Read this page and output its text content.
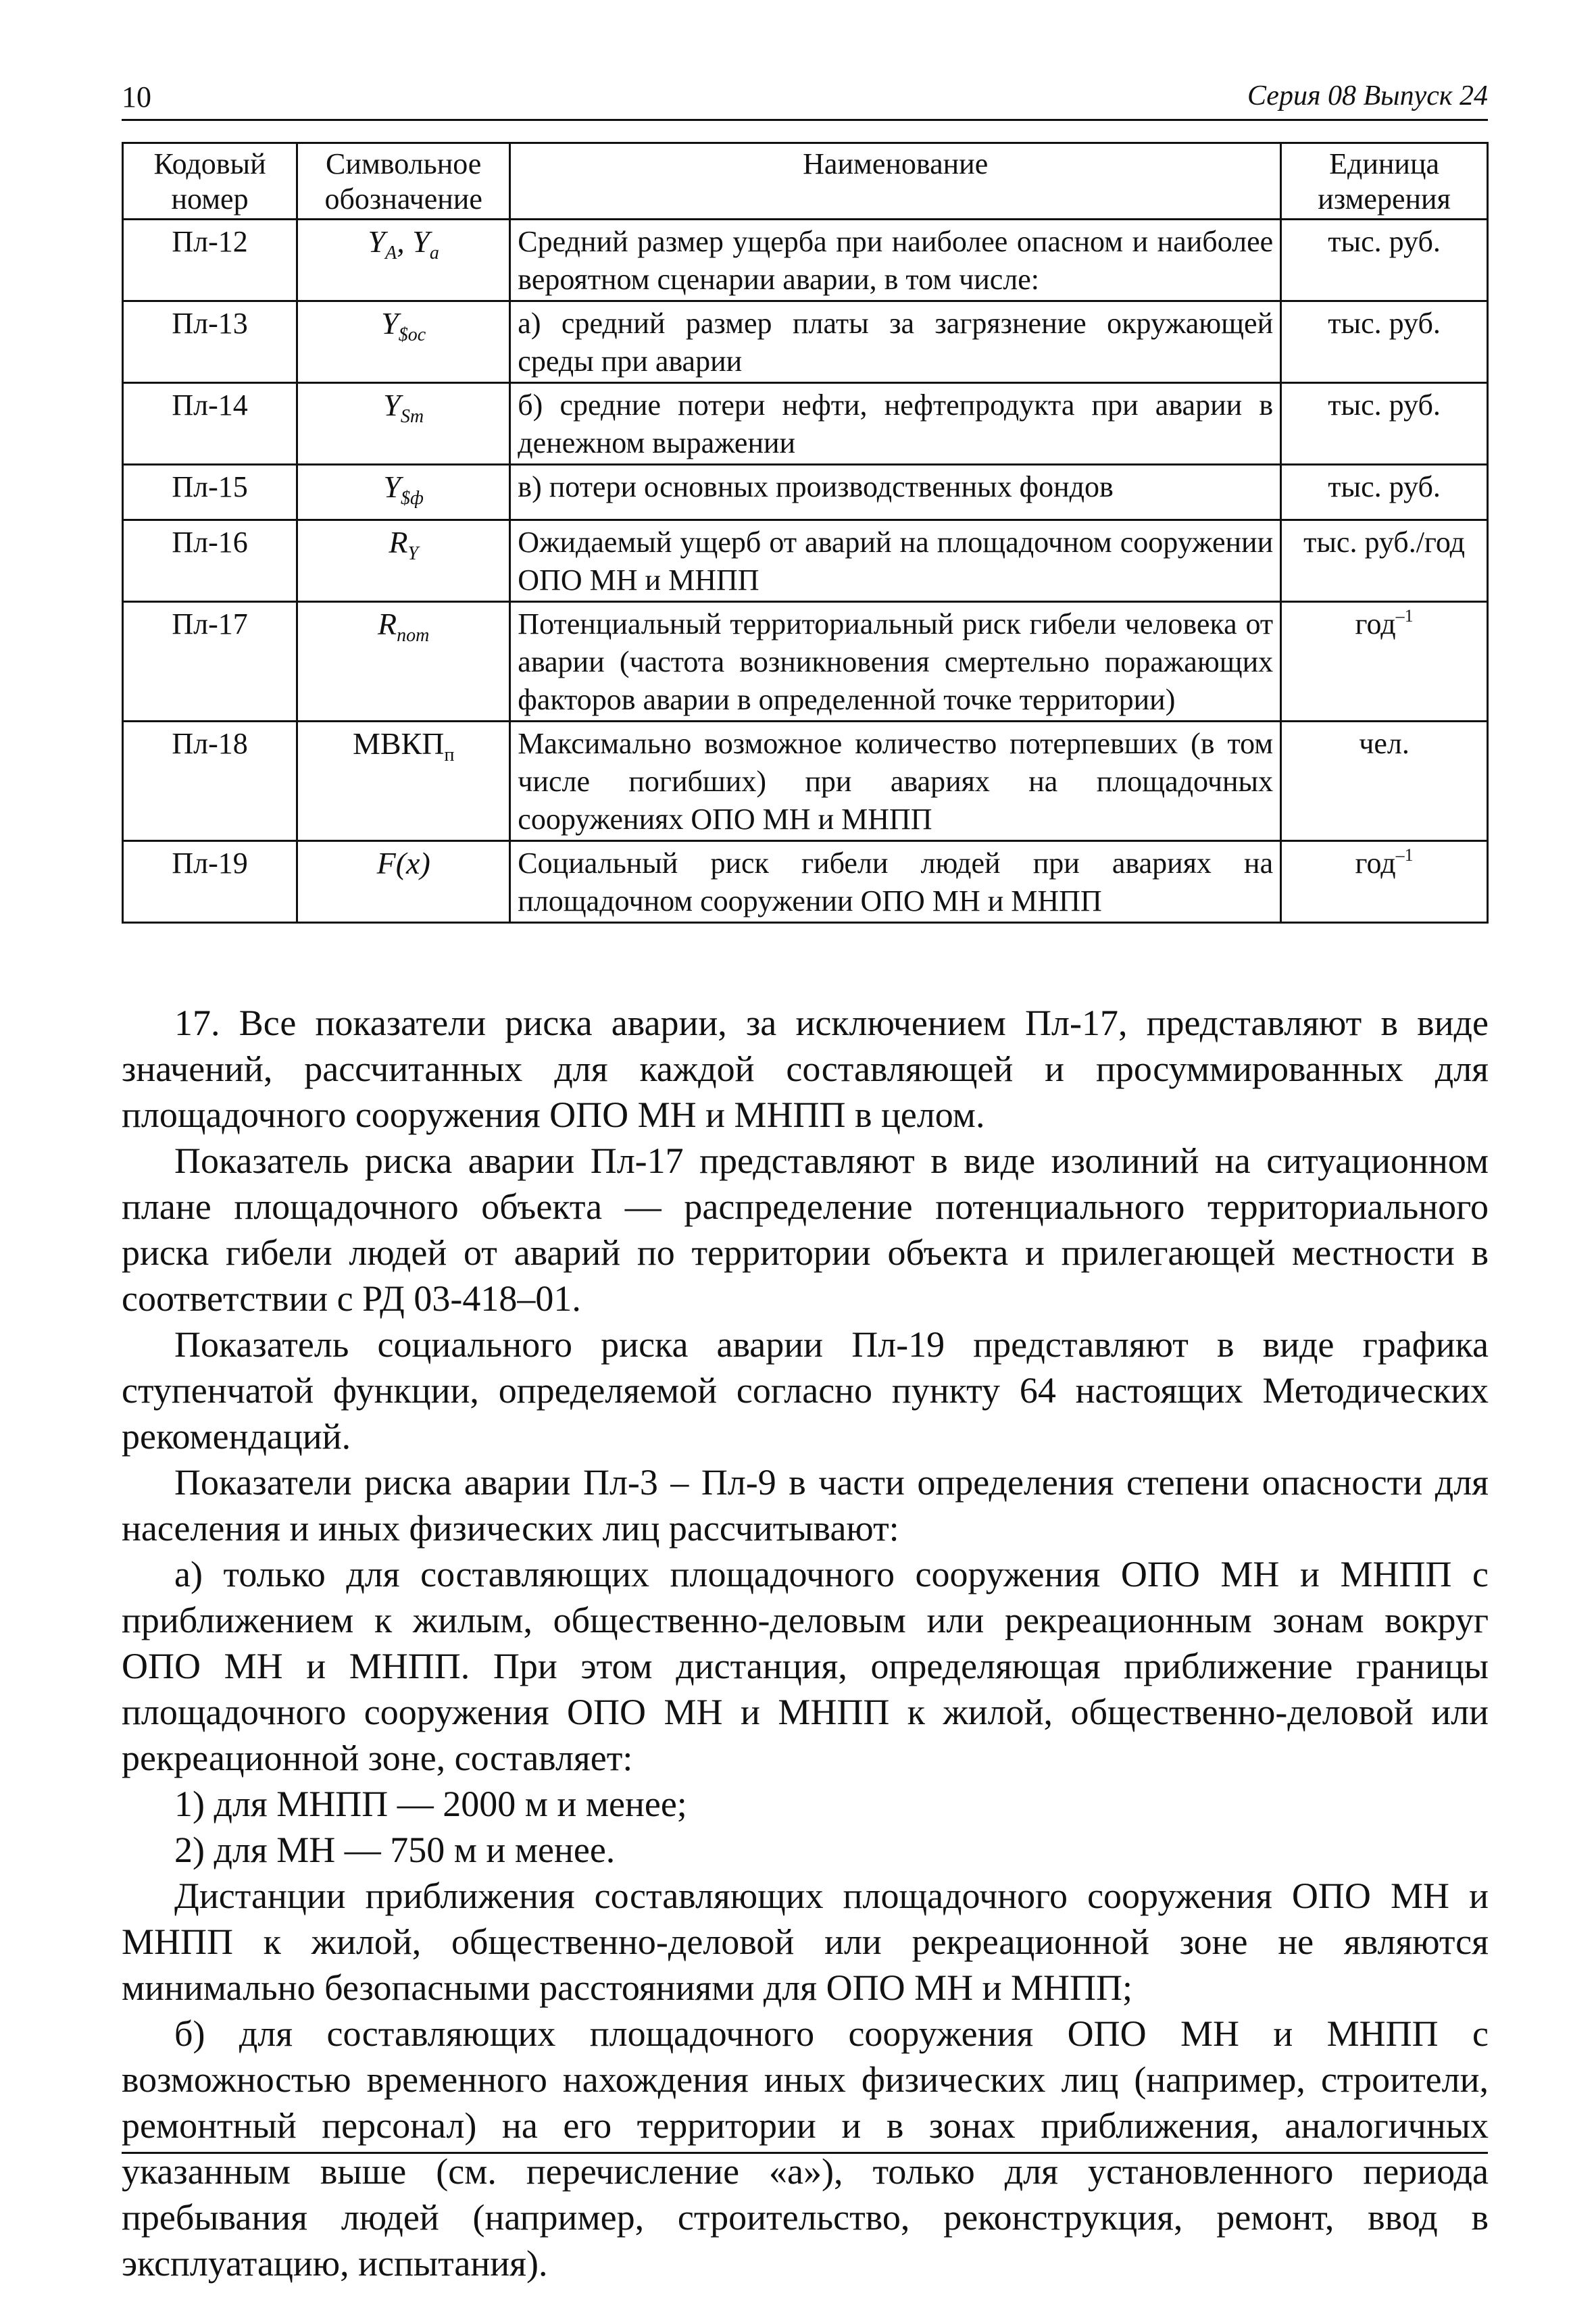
10	Серия 08 Выпуск 24
Кодовый номер	Символьное обозначение	Наименование	Единица измерения
Пл-12	$Y_A$, $Y_a$	Средний размер ущерба при наиболее опасном и наиболее вероятном сценарии аварии, в том числе:	тыс. руб.
Пл-13	$Y_{\$ос}$	а) средний размер платы за загрязнение окружающей среды при аварии	тыс. руб.
Пл-14	$Y_{Sm}$	б) средние потери нефти, нефтепродукта при аварии в денежном выражении	тыс. руб.
Пл-15	$Y_{\$ф}$	в) потери основных производственных фондов	тыс. руб.
Пл-16	$R_Y$	Ожидаемый ущерб от аварий на площадочном сооружении ОПО МН и МНПП	тыс. руб./год
Пл-17	$R_{пот}$	Потенциальный территориальный риск гибели человека от аварии (частота возникновения смертельно поражающих факторов аварии в определенной точке территории)	год$^{-1}$
Пл-18	$МВКП_п$	Максимально возможное количество потерпевших (в том числе погибших) при авариях на площадочных сооружениях ОПО МН и МНПП	чел.
Пл-19	F(x)	Социальный риск гибели людей при авариях на площадочном сооружении ОПО МН и МНПП	год$^{-1}$

17. Все показатели риска аварии, за исключением Пл-17, представляют в виде значений, рассчитанных для каждой составляющей и просуммированных для площадочного сооружения ОПО МН и МНПП в целом.

Показатель риска аварии Пл-17 представляют в виде изолиний на ситуационном плане площадочного объекта — распределение потенциального территориального риска гибели людей от аварий по территории объекта и прилегающей местности в соответствии с РД 03-418–01.

Показатель социального риска аварии Пл-19 представляют в виде графика ступенчатой функции, определяемой согласно пункту 64 настоящих Методических рекомендаций.

Показатели риска аварии Пл-3 – Пл-9 в части определения степени опасности для населения и иных физических лиц рассчитывают:

а) только для составляющих площадочного сооружения ОПО МН и МНПП с приближением к жилым, общественно-деловым или рекреационным зонам вокруг ОПО МН и МНПП. При этом дистанция, определяющая приближение границы площадочного сооружения ОПО МН и МНПП к жилой, общественно-деловой или рекреационной зоне, составляет:

1) для МНПП — 2000 м и менее;

2) для МН — 750 м и менее.

Дистанции приближения составляющих площадочного сооружения ОПО МН и МНПП к жилой, общественно-деловой или рекреационной зоне не являются минимально безопасными расстояниями для ОПО МН и МНПП;

б) для составляющих площадочного сооружения ОПО МН и МНПП с возможностью временного нахождения иных физических лиц (например, строители, ремонтный персонал) на его территории и в зонах приближения, аналогичных указанным выше (см. перечисление «а»), только для установленного периода пребывания людей (например, строительство, реконструкция, ремонт, ввод в эксплуатацию, испытания).
